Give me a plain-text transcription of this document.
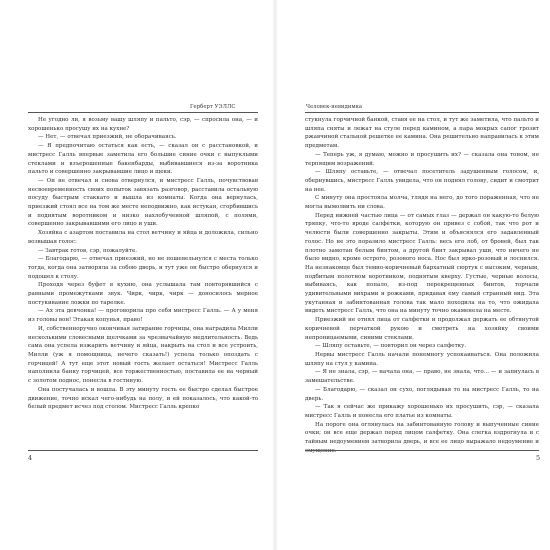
Герберт УЭЛЛС

Не угодно ли, я возьму вашу шляпу и пальто, сэр, — спросила она, — и хорошенько просушу их на кухне?

— Нет, — отвечал приезжий, не оборачиваясь.

— Я предпочитаю остаться как есть, — сказал он с расстановкой, и мистресс Галль впервые заметила его большие синие очки с выпуклыми стеклами и взъерошенные бакенбарды, выбивавшиеся из-за воротника пальто и совершенно закрывавшие лицо и щеки.

— Он не отвечал и снова отвернулся, и мистресс Галль, почувствовав несвоевременность своих попыток завязать разговор, расставила остальную посуду быстрым стаккато и вышла из комнаты. Когда она вернулась, приезжий стоял все на том же месте неподвижно, как истукан, сгорбившись и поднятым воротником и низко нахлобученной шляпой, с полями, совершенно закрывавшими его лицо и уши.

Хозяйка с азартом поставила на стол ветчину и яйца и доложила, сильно возвышая голос:

— Завтрак готов, сэр, пожалуйте.

— Благодарю, — отвечал приезжий, но не пошевельнулся с места только тогда, когда она затворяла за собою дверь, и тут уже он быстро обернулся и подошел к столу.

Проходя через буфет в кухню, она услышала там повторявшийся с равными промежутками звук. Чирк, чирк, чирк — доносилось мерное постукивание ложки по тарелке.

— Ах эта девчонка! — проговорила про себя мистресс Галль. — А у меня из головы вон! Этакая копунья, право!

И, собственноручно окончивая затирание горчицы, она наградила Милли несколькими словесными щелчками за чрезвычайную медлительность. Ведь сама она успела изжарить ветчину и яйца, накрыть на стол и все устроить, Милли (уж я помощница, нечего сказать!) успела только опоздать с горчицей! А тут еще этот новый гость желает остаться! Мистресс Галль наполнила банку горчицей, все торжественностью, поставила ее на черный с золотом поднос, понесла в гостиную.

Она постучалась и вошла. В эту минуту гость ее быстро сделал быстрое движение, точно искал чего-нибудь на полу, и ей показалось, что какой-то белый предмет исчез под столом. Мистресс Галль крепко

4
Человек-невидимка

стукнула горчичной банкой, ставя ее на стол, и тут же заметила, что пальто и шляпа сняты и лежат на стуле перед камином, а пара мокрых сапог грозит ржавчиной стальной решетке ее камина. Она решительно направилась к этим предметам.

— Теперь уж, я думаю, можно и просушить их? — сказала она тоном, не терпящим возражений.

— Шляпу оставьте, — отвечал посетитель задушенным голосом, и, обернувшись, мистресс Галль увидела, что он поднял голову, сидит и смотрит на нее.

С минуту она простояла молча, глядя на него, до того пораженная, что не могла вымолвить ни слова.

Перед нижней частью лица — от самых глаз — держал он какую-то белую тряпку, что-то вроде салфетки, которую он привез с собой, так что рот и челюсти были совершенно закрыты. Этим и объяснялся его задавленный голос. Но не это поразило мистресс Галль: весь его лоб, от бровей, был так плотно замотан белым бинтом, а другой бинт закрывал уши, что ничего не было видно, кроме острого, розового носа. Нос был ярко-розовый и лоснился. На незнакомце был темно-коричневый бархатный сюртук с высоким, черным, подбитым полотном воротником, поднятым кверху. Густые, черные волосы, выбиваясь, как попало, из-под перекрещенных бинтов, торчали удивительными вихрами и рожками, придавая ему самый странный вид. Эта укутанная и забинтованная голова так мало походила на то, что ожидала видеть мистресс Галль, что она на минуту точно окаменела на месте.

Приезжий не отнял лица от салфетки и продолжал держать ее обтянутой коричневой перчаткой рукою и смотреть на хозяйку своими непроницаемыми, синими стеклами.

— Шляпу оставьте, — повторил он через салфетку.

Нервы мистресс Галль начали понемногу успокаиваться. Она положила шляпу на стул у камина.

— Я не знала, сэр, — начала она, — право, не знала, что... — и запнулась в замешательстве.

— Благодарю, — сказал он сухо, поглядывая то на мистресс Галль, то на дверь.

— Так я сейчас же прикажу хорошенько их просушить, сэр, — сказала мистресс Галль и понесла его платье из комнаты.

На пороге она оглянулась на забинтованную голову и выпученные синие очки; он все еще держал перед лицом салфетку. Она слегка вздрогнула и с тайным недоумением затворила дверь, и все ее лицо выражало недоумение и смущение.

5
